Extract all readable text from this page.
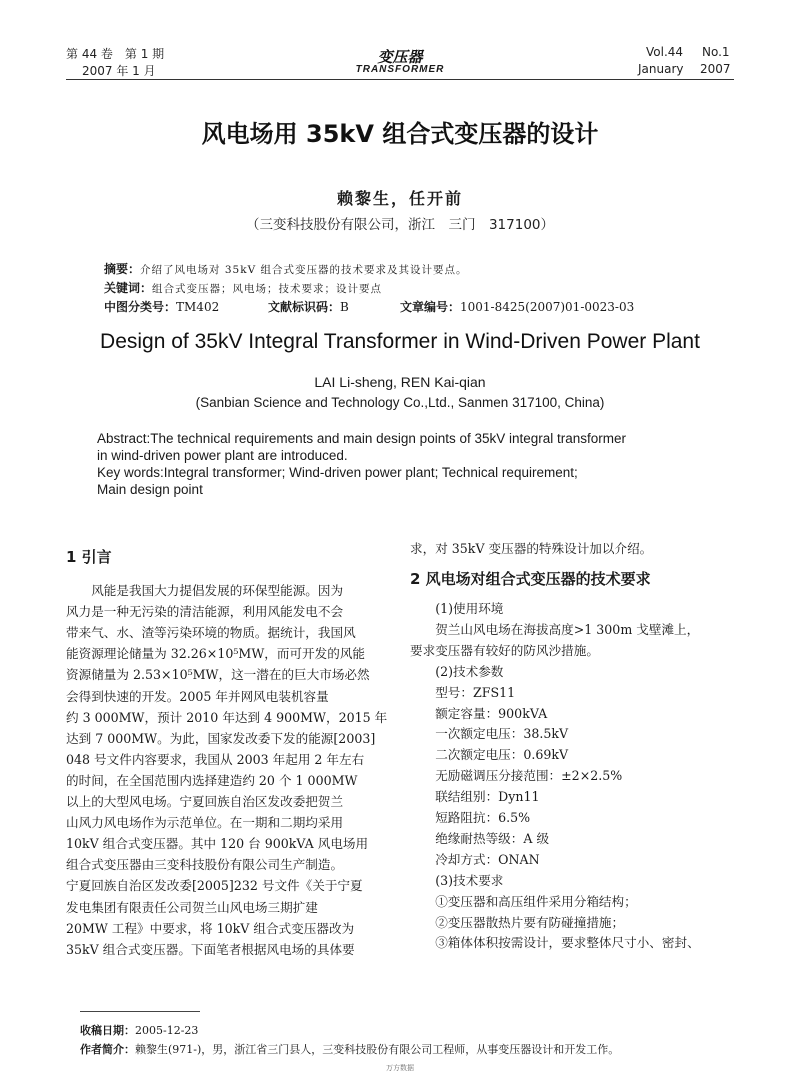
第 44 卷　第 1 期
2007 年 1 月
变压器
TRANSFORMER
Vol.44 No.1
January 2007
风电场用 35kV 组合式变压器的设计
赖黎生，任开前
（三变科技股份有限公司，浙江　三门　317100）
摘要：介绍了风电场对 35kV 组合式变压器的技术要求及其设计要点。
关键词：组合式变压器；风电场；技术要求；设计要点
中图分类号：TM402	文献标识码：B	文章编号：1001-8425(2007)01-0023-03
Design of 35kV Integral Transformer in Wind-Driven Power Plant
LAI Li-sheng, REN Kai-qian
(Sanbian Science and Technology Co.,Ltd., Sanmen 317100, China)
Abstract:The technical requirements and main design points of 35kV integral transformer
in wind-driven power plant are introduced.
Key words:Integral transformer; Wind-driven power plant; Technical requirement;
Main design point
1 引言
　　风能是我国大力提倡发展的环保型能源。因为
风力是一种无污染的清洁能源，利用风能发电不会
带来气、水、渣等污染环境的物质。据统计，我国风
能资源理论储量为 32.26×10⁵MW，而可开发的风能
资源储量为 2.53×10⁵MW，这一潜在的巨大市场必然
会得到快速的开发。2005 年并网风电装机容量
约 3 000MW，预计 2010 年达到 4 900MW，2015 年
达到 7 000MW。为此，国家发改委下发的能源[2003]
048 号文件内容要求，我国从 2003 年起用 2 年左右
的时间，在全国范围内选择建造约 20 个 1 000MW
以上的大型风电场。宁夏回族自治区发改委把贺兰
山风力风电场作为示范单位。在一期和二期均采用
10kV 组合式变压器。其中 120 台 900kVA 风电场用
组合式变压器由三变科技股份有限公司生产制造。
宁夏回族自治区发改委[2005]232 号文件《关于宁夏
发电集团有限责任公司贺兰山风电场三期扩建
20MW 工程》中要求，将 10kV 组合式变压器改为
35kV 组合式变压器。下面笔者根据风电场的具体要
求，对 35kV 变压器的特殊设计加以介绍。
2 风电场对组合式变压器的技术要求
　　(1)使用环境
　　贺兰山风电场在海拔高度>1 300m 戈壁滩上，
要求变压器有较好的防风沙措施。
　　(2)技术参数
　　型号：ZFS11
　　额定容量：900kVA
　　一次额定电压：38.5kV
　　二次额定电压：0.69kV
　　无励磁调压分接范围：±2×2.5%
　　联结组别：Dyn11
　　短路阻抗：6.5%
　　绝缘耐热等级：A 级
　　冷却方式：ONAN
　　(3)技术要求
　　①变压器和高压组件采用分箱结构；
　　②变压器散热片要有防碰撞措施；
　　③箱体体积按需设计，要求整体尺寸小、密封、
收稿日期：2005-12-23
作者简介：赖黎生(971-)，男，浙江省三门县人，三变科技股份有限公司工程师，从事变压器设计和开发工作。
万方数据
